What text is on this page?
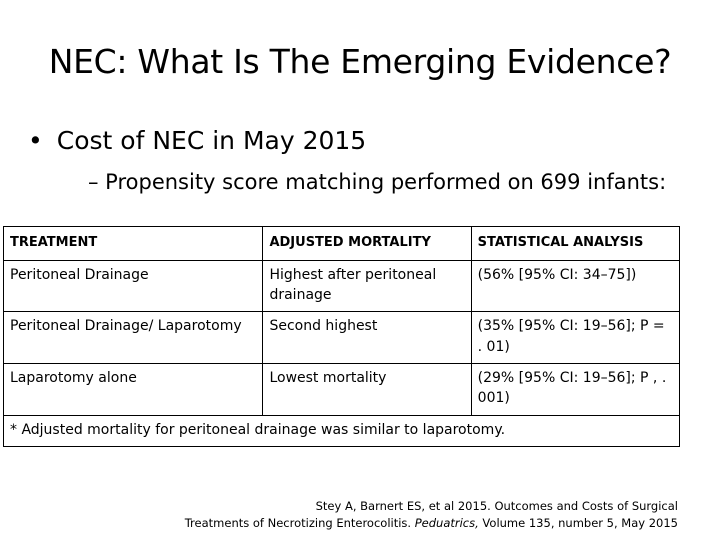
NEC: What Is The Emerging Evidence?
• Cost of NEC in May 2015
– Propensity score matching performed on 699 infants:
TREATMENT	ADJUSTED MORTALITY	STATISTICAL ANALYSIS
Peritoneal Drainage	Highest after peritoneal drainage	(56% [95% CI: 34–75])
Peritoneal Drainage/ Laparotomy	Second highest	(35% [95% CI: 19–56]; P = . 01)
Laparotomy alone	Lowest mortality	(29% [95% CI: 19–56]; P , . 001)
* Adjusted mortality for peritoneal drainage was similar to laparotomy.		
Stey A, Barnert ES, et al 2015. Outcomes and Costs of Surgical
Treatments of Necrotizing Enterocolitis. Peduatrics, Volume 135, number 5, May 2015
